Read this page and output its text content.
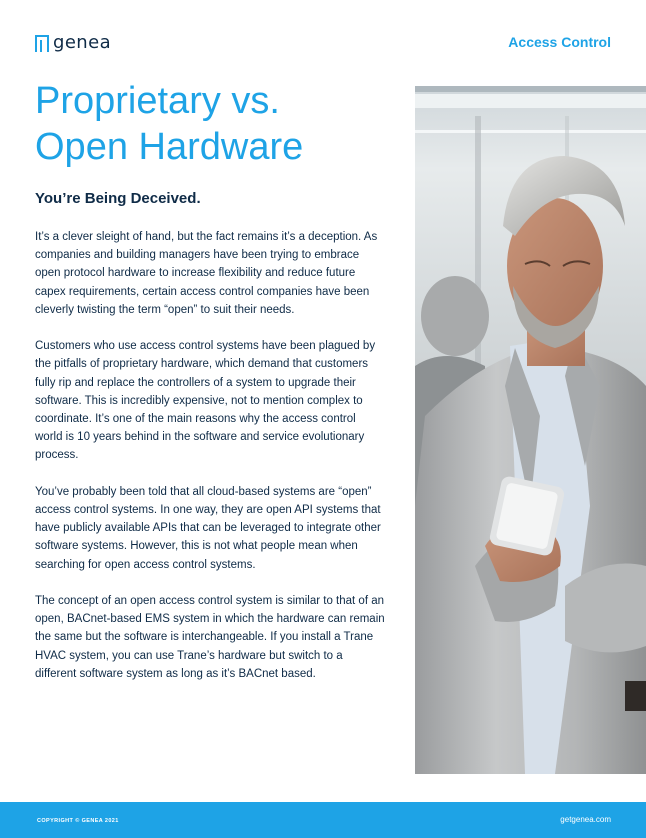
genea	Access Control
Proprietary vs.
Open Hardware
You’re Being Deceived.

It’s a clever sleight of hand, but the fact remains it’s a deception. As companies and building managers have been trying to embrace open protocol hardware to increase flexibility and reduce future capex requirements, certain access control companies have been cleverly twisting the term “open” to suit their needs.

Customers who use access control systems have been plagued by the pitfalls of proprietary hardware, which demand that customers fully rip and replace the controllers of a system to upgrade their software. This is incredibly expensive, not to mention complex to coordinate. It’s one of the main reasons why the access control world is 10 years behind in the software and service evolutionary process.

You’ve probably been told that all cloud-based systems are “open” access control systems. In one way, they are open API systems that have publicly available APIs that can be leveraged to integrate other software systems. However, this is not what people mean when searching for open access control systems.

The concept of an open access control system is similar to that of an open, BACnet-based EMS system in which the hardware can remain the same but the software is interchangeable. If you install a Trane HVAC system, you can use Trane’s hardware but switch to a different software system as long as it’s BACnet based.

COPYRIGHT © GENEA 2021	getgenea.com
